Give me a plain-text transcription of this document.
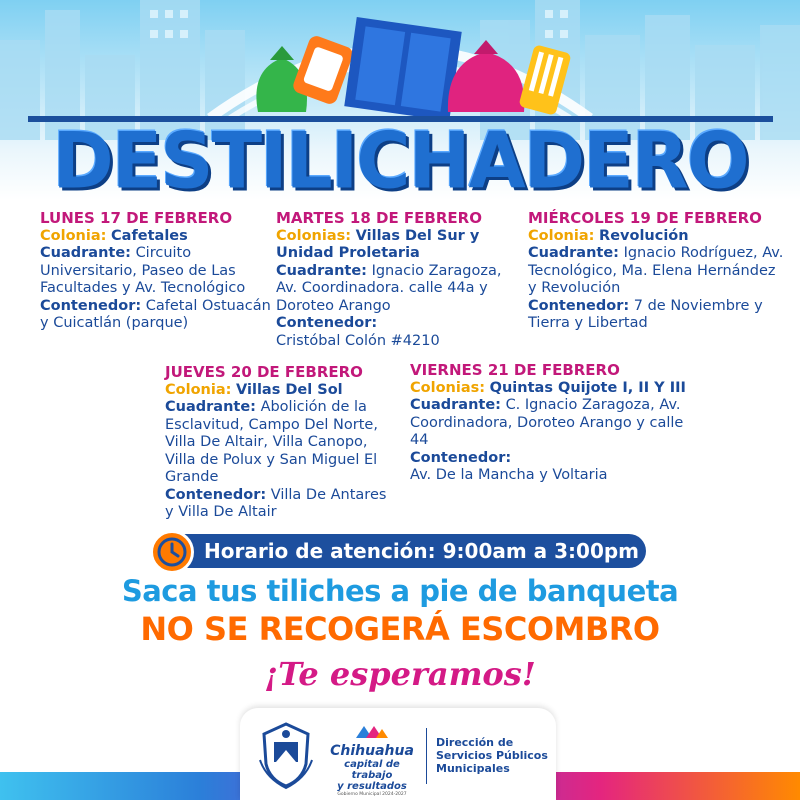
DESTILICHADERO
LUNES 17 DE FEBRERO
Colonia: Cafetales
Cuadrante: Circuito Universitario, Paseo de Las Facultades y Av. Tecnológico
Contenedor: Cafetal Ostuacán y Cuicatlán (parque)
MARTES 18 DE FEBRERO
Colonias: Villas Del Sur y Unidad Proletaria
Cuadrante: Ignacio Zaragoza, Av. Coordinadora. calle 44a y Doroteo Arango
Contenedor:
Cristóbal Colón #4210
MIÉRCOLES 19 DE FEBRERO
Colonia: Revolución
Cuadrante: Ignacio Rodríguez, Av. Tecnológico, Ma. Elena Hernández y Revolución
Contenedor: 7 de Noviembre y Tierra y Libertad
JUEVES 20 DE FEBRERO
Colonia: Villas Del Sol
Cuadrante: Abolición de la Esclavitud, Campo Del Norte, Villa De Altair, Villa Canopo, Villa de Polux y San Miguel El Grande
Contenedor: Villa De Antares y Villa De Altair
VIERNES 21 DE FEBRERO
Colonias: Quintas Quijote I, II Y III
Cuadrante: C. Ignacio Zaragoza, Av. Coordinadora, Doroteo Arango y calle 44
Contenedor:
Av. De la Mancha y Voltaria
Horario de atención: 9:00am a 3:00pm
Saca tus tiliches a pie de banqueta
NO SE RECOGERÁ ESCOMBRO
¡Te esperamos!
Chihuahua
capital de trabajo
y resultados
Gobierno Municipal 2024-2027
Dirección de Servicios Públicos Municipales
